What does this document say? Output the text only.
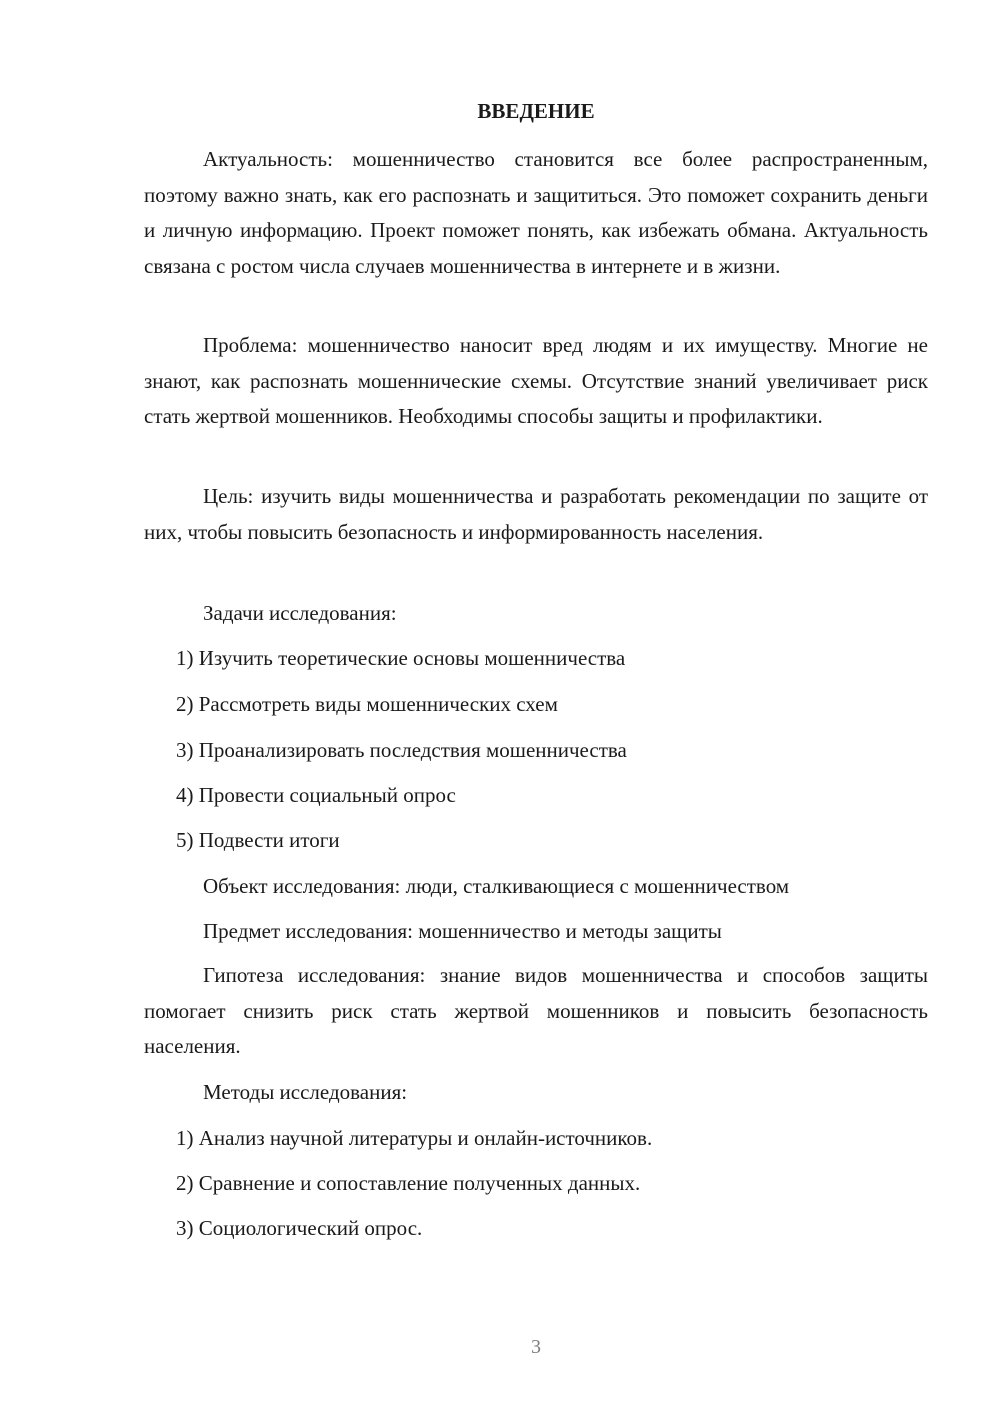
ВВЕДЕНИЕ

Актуальность: мошенничество становится все более распространенным, поэтому важно знать, как его распознать и защититься. Это поможет сохранить деньги и личную информацию. Проект поможет понять, как избежать обмана. Актуальность связана с ростом числа случаев мошенничества в интернете и в жизни.

Проблема: мошенничество наносит вред людям и их имуществу. Многие не знают, как распознать мошеннические схемы. Отсутствие знаний увеличивает риск стать жертвой мошенников. Необходимы способы защиты и профилактики.

Цель: изучить виды мошенничества и разработать рекомендации по защите от них, чтобы повысить безопасность и информированность населения.

Задачи исследования:
1) Изучить теоретические основы мошенничества
2) Рассмотреть виды мошеннических схем
3) Проанализировать последствия мошенничества
4) Провести социальный опрос
5) Подвести итоги
Объект исследования: люди, сталкивающиеся с мошенничеством
Предмет исследования: мошенничество и методы защиты

Гипотеза исследования: знание видов мошенничества и способов защиты помогает снизить риск стать жертвой мошенников и повысить безопасность населения.

Методы исследования:
1) Анализ научной литературы и онлайн-источников.
2) Сравнение и сопоставление полученных данных.
3) Социологический опрос.
3
